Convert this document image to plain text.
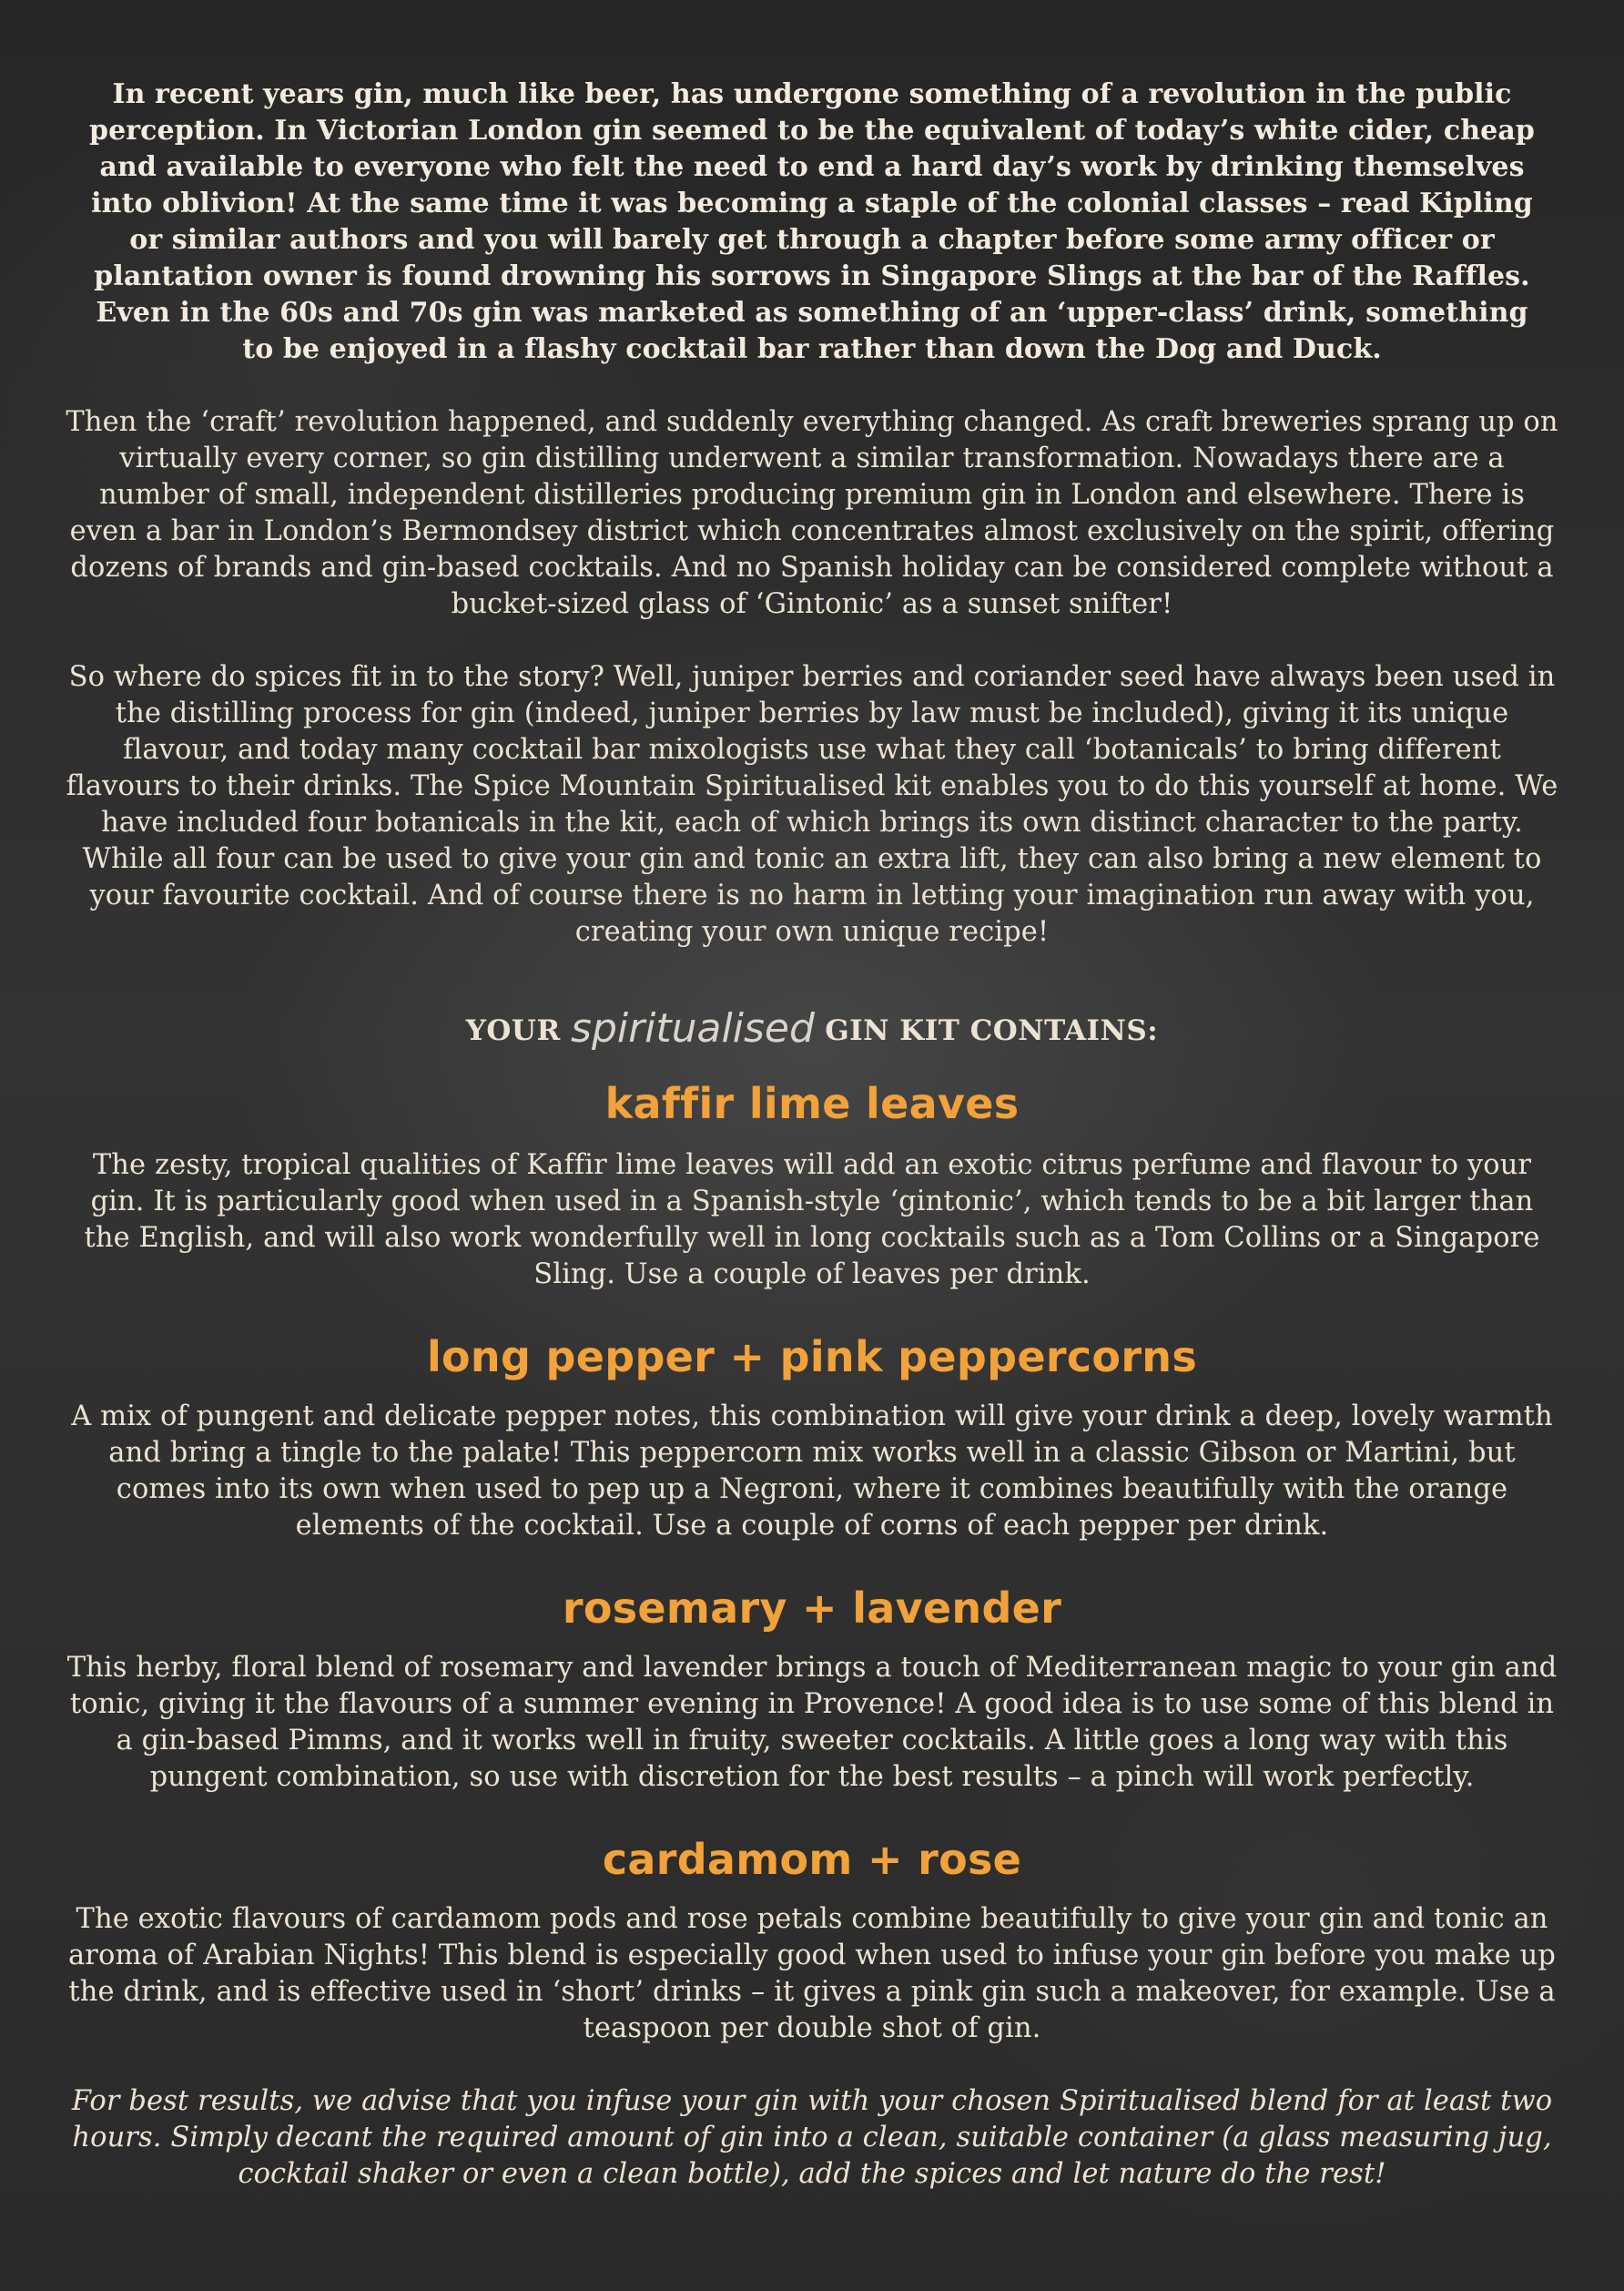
In recent years gin, much like beer, has undergone something of a revolution in the public perception. In Victorian London gin seemed to be the equivalent of today’s white cider, cheap and available to everyone who felt the need to end a hard day’s work by drinking themselves into oblivion! At the same time it was becoming a staple of the colonial classes – read Kipling or similar authors and you will barely get through a chapter before some army officer or plantation owner is found drowning his sorrows in Singapore Slings at the bar of the Raffles. Even in the 60s and 70s gin was marketed as something of an ‘upper-class’ drink, something to be enjoyed in a flashy cocktail bar rather than down the Dog and Duck.

Then the ‘craft’ revolution happened, and suddenly everything changed. As craft breweries sprang up on virtually every corner, so gin distilling underwent a similar transformation. Nowadays there are a number of small, independent distilleries producing premium gin in London and elsewhere. There is even a bar in London’s Bermondsey district which concentrates almost exclusively on the spirit, offering dozens of brands and gin-based cocktails. And no Spanish holiday can be considered complete without a bucket-sized glass of ‘Gintonic’ as a sunset snifter!

So where do spices fit in to the story? Well, juniper berries and coriander seed have always been used in the distilling process for gin (indeed, juniper berries by law must be included), giving it its unique flavour, and today many cocktail bar mixologists use what they call ‘botanicals’ to bring different flavours to their drinks. The Spice Mountain Spiritualised kit enables you to do this yourself at home. We have included four botanicals in the kit, each of which brings its own distinct character to the party. While all four can be used to give your gin and tonic an extra lift, they can also bring a new element to your favourite cocktail. And of course there is no harm in letting your imagination run away with you, creating your own unique recipe!

YOUR spiritualised GIN KIT CONTAINS:
kaffir lime leaves

The zesty, tropical qualities of Kaffir lime leaves will add an exotic citrus perfume and flavour to your gin. It is particularly good when used in a Spanish-style ‘gintonic’, which tends to be a bit larger than the English, and will also work wonderfully well in long cocktails such as a Tom Collins or a Singapore Sling. Use a couple of leaves per drink.

long pepper + pink peppercorns

A mix of pungent and delicate pepper notes, this combination will give your drink a deep, lovely warmth and bring a tingle to the palate! This peppercorn mix works well in a classic Gibson or Martini, but comes into its own when used to pep up a Negroni, where it combines beautifully with the orange elements of the cocktail. Use a couple of corns of each pepper per drink.

rosemary + lavender

This herby, floral blend of rosemary and lavender brings a touch of Mediterranean magic to your gin and tonic, giving it the flavours of a summer evening in Provence! A good idea is to use some of this blend in a gin-based Pimms, and it works well in fruity, sweeter cocktails. A little goes a long way with this pungent combination, so use with discretion for the best results – a pinch will work perfectly.

cardamom + rose

The exotic flavours of cardamom pods and rose petals combine beautifully to give your gin and tonic an aroma of Arabian Nights! This blend is especially good when used to infuse your gin before you make up the drink, and is effective used in ‘short’ drinks – it gives a pink gin such a makeover, for example. Use a teaspoon per double shot of gin.

For best results, we advise that you infuse your gin with your chosen Spiritualised blend for at least two hours. Simply decant the required amount of gin into a clean, suitable container (a glass measuring jug, cocktail shaker or even a clean bottle), add the spices and let nature do the rest!
